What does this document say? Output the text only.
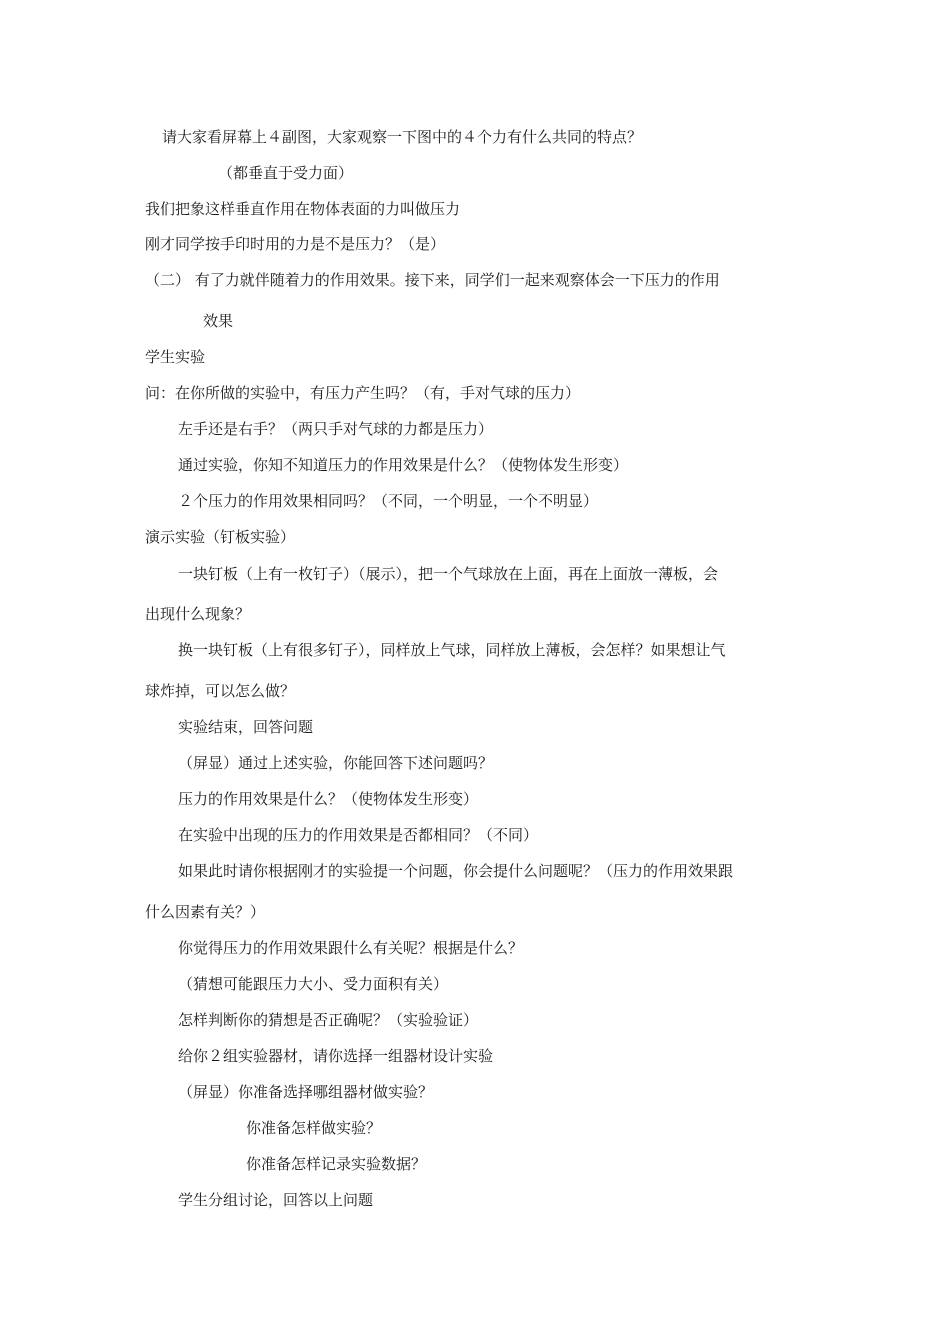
请大家看屏幕上４副图，大家观察一下图中的４个力有什么共同的特点？
（都垂直于受力面）
我们把象这样垂直作用在物体表面的力叫做压力
刚才同学按手印时用的力是不是压力？（是）
（二） 有了力就伴随着力的作用效果。接下来，同学们一起来观察体会一下压力的作用
效果
学生实验
问：在你所做的实验中，有压力产生吗？（有，手对气球的压力）
左手还是右手？（两只手对气球的力都是压力）
通过实验，你知不知道压力的作用效果是什么？（使物体发生形变）
２个压力的作用效果相同吗？（不同，一个明显，一个不明显）
演示实验（钉板实验）
一块钉板（上有一枚钉子）（展示），把一个气球放在上面，再在上面放一薄板，会
出现什么现象？
换一块钉板（上有很多钉子），同样放上气球，同样放上薄板，会怎样？如果想让气
球炸掉，可以怎么做？
实验结束，回答问题
（屏显）通过上述实验，你能回答下述问题吗？
压力的作用效果是什么？（使物体发生形变）
在实验中出现的压力的作用效果是否都相同？（不同）
如果此时请你根据刚才的实验提一个问题，你会提什么问题呢？（压力的作用效果跟
什么因素有关？）
你觉得压力的作用效果跟什么有关呢？根据是什么？
（猜想可能跟压力大小、受力面积有关）
怎样判断你的猜想是否正确呢？（实验验证）
给你２组实验器材，请你选择一组器材设计实验
（屏显）你准备选择哪组器材做实验？
你准备怎样做实验？
你准备怎样记录实验数据？
学生分组讨论，回答以上问题
